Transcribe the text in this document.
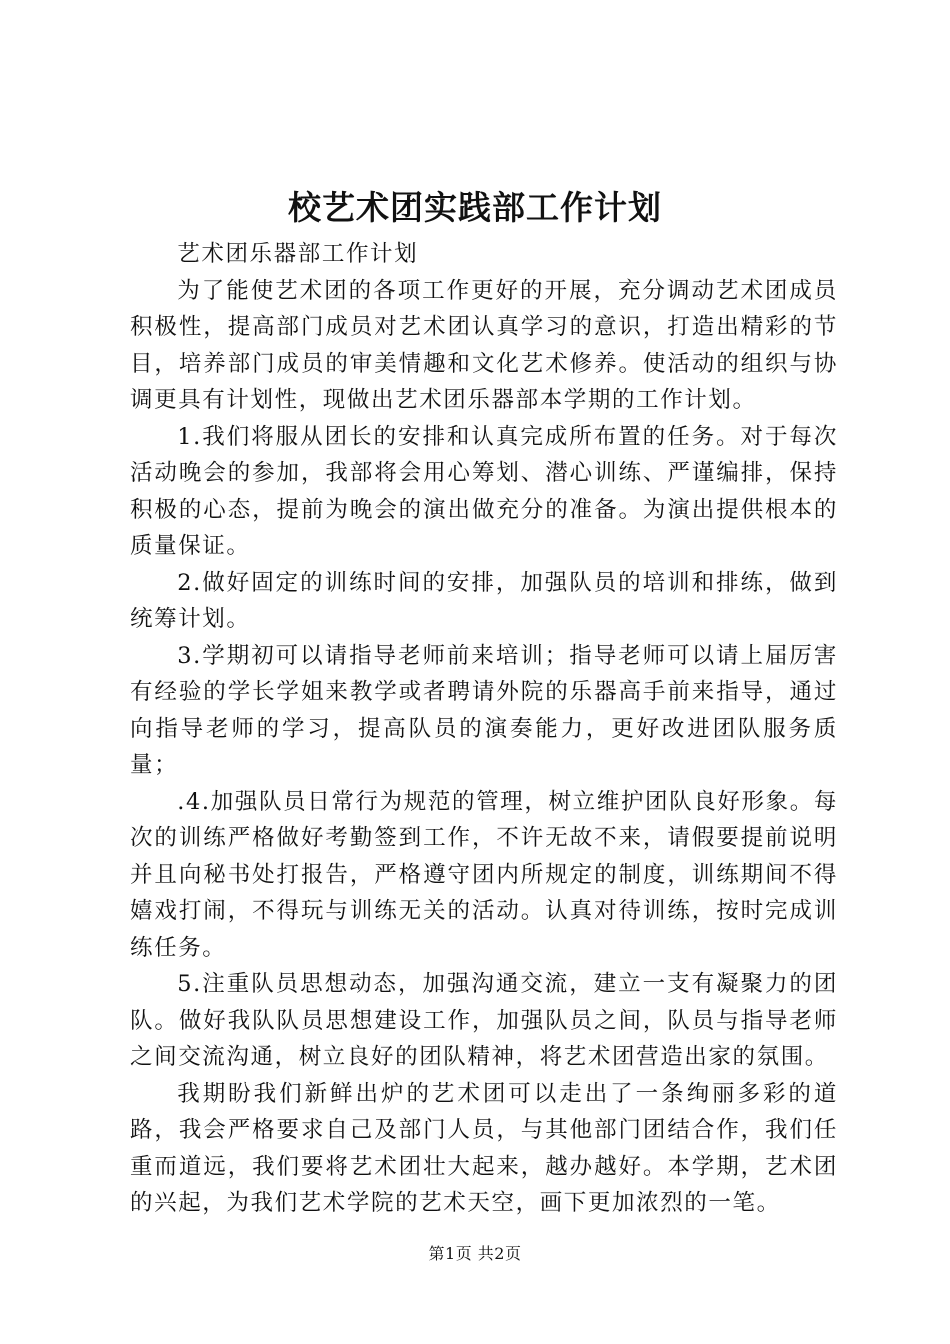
校艺术团实践部工作计划

艺术团乐器部工作计划

为了能使艺术团的各项工作更好的开展，充分调动艺术团成员积极性，提高部门成员对艺术团认真学习的意识，打造出精彩的节目，培养部门成员的审美情趣和文化艺术修养。使活动的组织与协调更具有计划性，现做出艺术团乐器部本学期的工作计划。

1.我们将服从团长的安排和认真完成所布置的任务。对于每次活动晚会的参加，我部将会用心筹划、潜心训练、严谨编排，保持积极的心态，提前为晚会的演出做充分的准备。为演出提供根本的质量保证。

2.做好固定的训练时间的安排，加强队员的培训和排练，做到统筹计划。

3.学期初可以请指导老师前来培训；指导老师可以请上届厉害有经验的学长学姐来教学或者聘请外院的乐器高手前来指导，通过向指导老师的学习，提高队员的演奏能力，更好改进团队服务质量；

.4.加强队员日常行为规范的管理，树立维护团队良好形象。每次的训练严格做好考勤签到工作，不许无故不来，请假要提前说明并且向秘书处打报告，严格遵守团内所规定的制度，训练期间不得嬉戏打闹，不得玩与训练无关的活动。认真对待训练，按时完成训练任务。

5.注重队员思想动态，加强沟通交流，建立一支有凝聚力的团队。做好我队队员思想建设工作，加强队员之间，队员与指导老师之间交流沟通，树立良好的团队精神，将艺术团营造出家的氛围。

我期盼我们新鲜出炉的艺术团可以走出了一条绚丽多彩的道路，我会严格要求自己及部门人员，与其他部门团结合作，我们任重而道远，我们要将艺术团壮大起来，越办越好。本学期，艺术团的兴起，为我们艺术学院的艺术天空，画下更加浓烈的一笔。

第1页 共2页
